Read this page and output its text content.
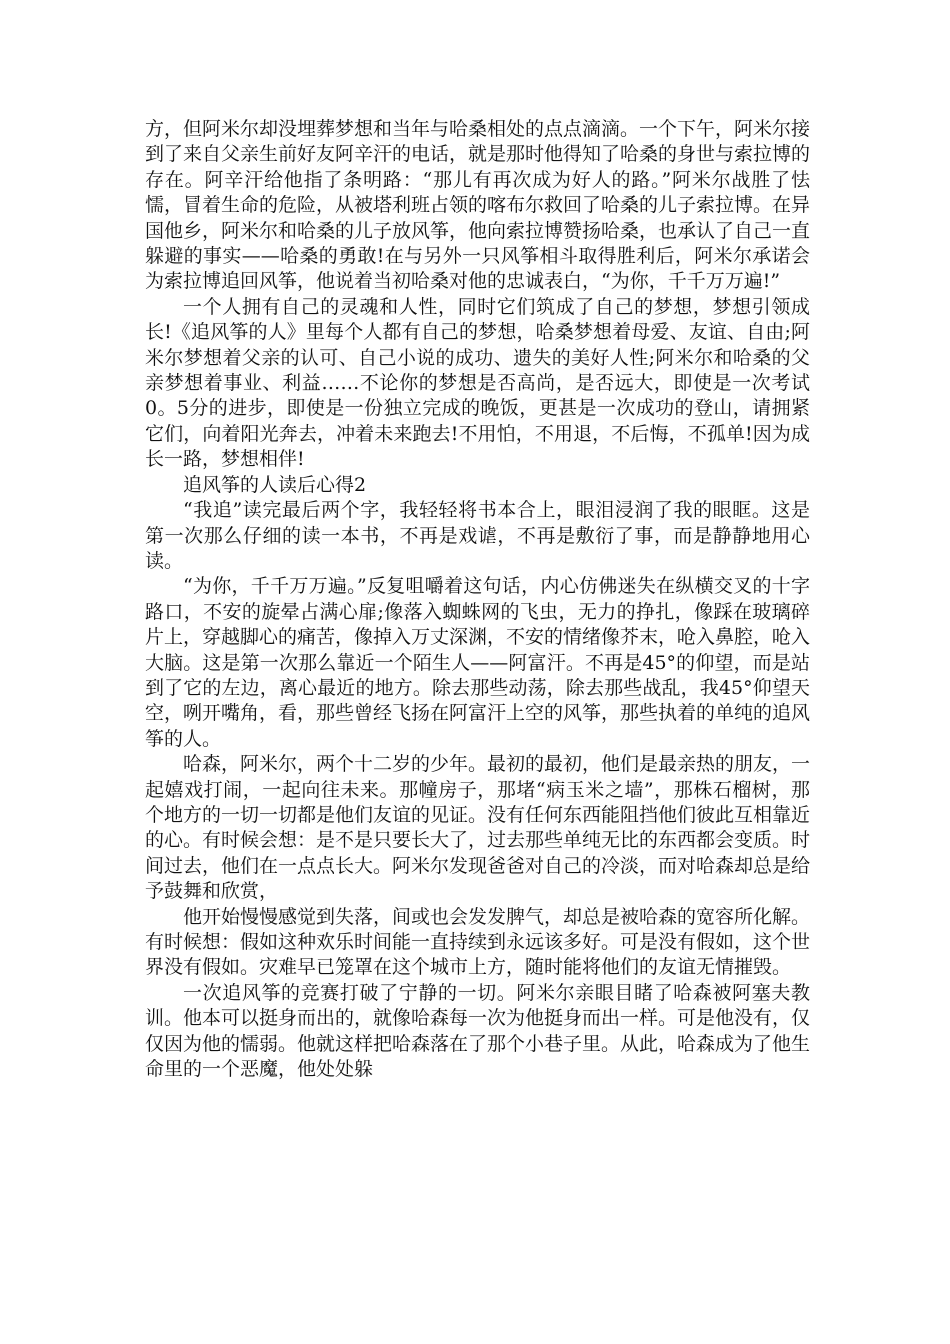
方，但阿米尔却没埋葬梦想和当年与哈桑相处的点点滴滴。一个下午，阿米尔接到了来自父亲生前好友阿辛汗的电话，就是那时他得知了哈桑的身世与索拉博的存在。阿辛汗给他指了条明路：“那儿有再次成为好人的路。”阿米尔战胜了怯懦，冒着生命的危险，从被塔利班占领的喀布尔救回了哈桑的儿子索拉博。在异国他乡，阿米尔和哈桑的儿子放风筝，他向索拉博赞扬哈桑，也承认了自己一直躲避的事实——哈桑的勇敢!在与另外一只风筝相斗取得胜利后，阿米尔承诺会为索拉博追回风筝，他说着当初哈桑对他的忠诚表白，“为你，千千万万遍!”

一个人拥有自己的灵魂和人性，同时它们筑成了自己的梦想，梦想引领成长!《追风筝的人》里每个人都有自己的梦想，哈桑梦想着母爱、友谊、自由;阿米尔梦想着父亲的认可、自己小说的成功、遗失的美好人性;阿米尔和哈桑的父亲梦想着事业、利益……不论你的梦想是否高尚，是否远大，即使是一次考试0。5分的进步，即使是一份独立完成的晚饭，更甚是一次成功的登山，请拥紧它们，向着阳光奔去，冲着未来跑去!不用怕，不用退，不后悔，不孤单!因为成长一路，梦想相伴!

追风筝的人读后心得2

“我追”读完最后两个字，我轻轻将书本合上，眼泪浸润了我的眼眶。这是第一次那么仔细的读一本书，不再是戏谑，不再是敷衍了事，而是静静地用心读。

“为你，千千万万遍。”反复咀嚼着这句话，内心仿佛迷失在纵横交叉的十字路口，不安的旋晕占满心扉;像落入蜘蛛网的飞虫，无力的挣扎，像踩在玻璃碎片上，穿越脚心的痛苦，像掉入万丈深渊，不安的情绪像芥末，呛入鼻腔，呛入大脑。这是第一次那么靠近一个陌生人——阿富汗。不再是45°的仰望，而是站到了它的左边，离心最近的地方。除去那些动荡，除去那些战乱，我45°仰望天空，咧开嘴角，看，那些曾经飞扬在阿富汗上空的风筝，那些执着的单纯的追风筝的人。

哈森，阿米尔，两个十二岁的少年。最初的最初，他们是最亲热的朋友，一起嬉戏打闹，一起向往未来。那幢房子，那堵“病玉米之墙”，那株石榴树，那个地方的一切一切都是他们友谊的见证。没有任何东西能阻挡他们彼此互相靠近的心。有时候会想：是不是只要长大了，过去那些单纯无比的东西都会变质。时间过去，他们在一点点长大。阿米尔发现爸爸对自己的冷淡，而对哈森却总是给予鼓舞和欣赏，

他开始慢慢感觉到失落，间或也会发发脾气，却总是被哈森的宽容所化解。有时候想：假如这种欢乐时间能一直持续到永远该多好。可是没有假如，这个世界没有假如。灾难早已笼罩在这个城市上方，随时能将他们的友谊无情摧毁。

一次追风筝的竞赛打破了宁静的一切。阿米尔亲眼目睹了哈森被阿塞夫教训。他本可以挺身而出的，就像哈森每一次为他挺身而出一样。可是他没有，仅仅因为他的懦弱。他就这样把哈森落在了那个小巷子里。从此，哈森成为了他生命里的一个恶魔，他处处躲
